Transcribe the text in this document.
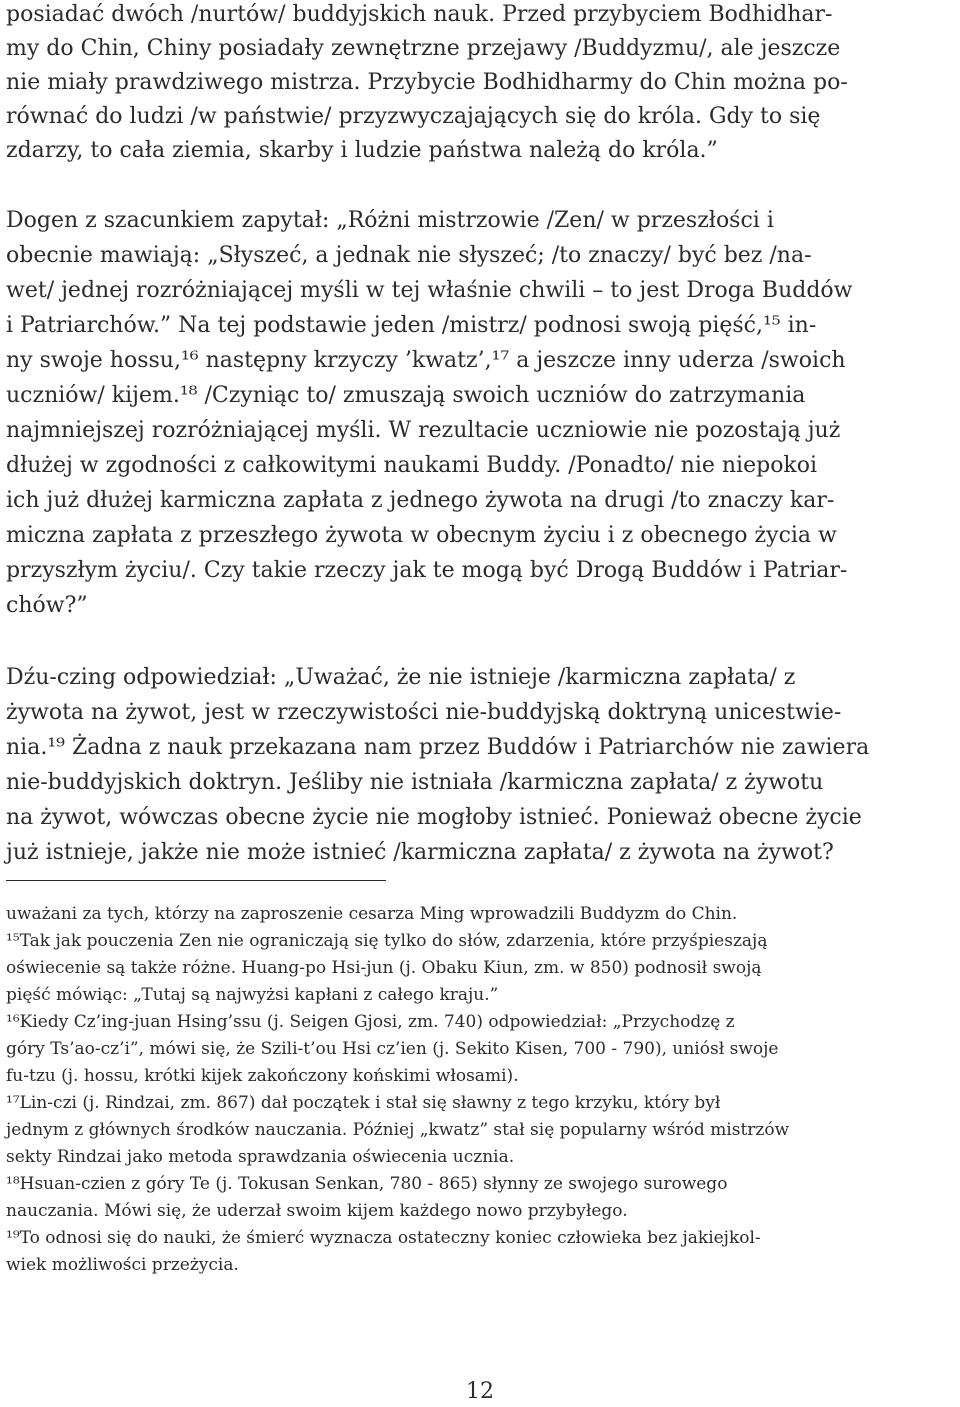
posiadać dwóch /nurtów/ buddyjskich nauk. Przed przybyciem Bodhidhar-

my do Chin, Chiny posiadały zewnętrzne przejawy /Buddyzmu/, ale jeszcze

nie miały prawdziwego mistrza. Przybycie Bodhidharmy do Chin można po-

równać do ludzi /w państwie/ przyzwyczajających się do króla. Gdy to się

zdarzy, to cała ziemia, skarby i ludzie państwa należą do króla.”

Dogen z szacunkiem zapytał: „Różni mistrzowie /Zen/ w przeszłości i

obecnie mawiają: „Słyszeć, a jednak nie słyszeć; /to znaczy/ być bez /na-

wet/ jednej rozróżniającej myśli w tej właśnie chwili – to jest Droga Buddów

i Patriarchów.” Na tej podstawie jeden /mistrz/ podnosi swoją pięść,¹⁵ in-

ny swoje hossu,¹⁶ następny krzyczy ’kwatz’,¹⁷ a jeszcze inny uderza /swoich

uczniów/ kijem.¹⁸ /Czyniąc to/ zmuszają swoich uczniów do zatrzymania

najmniejszej rozróżniającej myśli. W rezultacie uczniowie nie pozostają już

dłużej w zgodności z całkowitymi naukami Buddy. /Ponadto/ nie niepokoi

ich już dłużej karmiczna zapłata z jednego żywota na drugi /to znaczy kar-

miczna zapłata z przeszłego żywota w obecnym życiu i z obecnego życia w

przyszłym życiu/. Czy takie rzeczy jak te mogą być Drogą Buddów i Patriar-

chów?”

Dźu-czing odpowiedział: „Uważać, że nie istnieje /karmiczna zapłata/ z

żywota na żywot, jest w rzeczywistości nie-buddyjską doktryną unicestwie-

nia.¹⁹ Żadna z nauk przekazana nam przez Buddów i Patriarchów nie zawiera

nie-buddyjskich doktryn. Jeśliby nie istniała /karmiczna zapłata/ z żywotu

na żywot, wówczas obecne życie nie mogłoby istnieć. Ponieważ obecne życie

już istnieje, jakże nie może istnieć /karmiczna zapłata/ z żywota na żywot?

uważani za tych, którzy na zaproszenie cesarza Ming wprowadzili Buddyzm do Chin.

¹⁵Tak jak pouczenia Zen nie ograniczają się tylko do słów, zdarzenia, które przyśpieszają

oświecenie są także różne. Huang-po Hsi-jun (j. Obaku Kiun, zm. w 850) podnosił swoją

pięść mówiąc: „Tutaj są najwyżsi kapłani z całego kraju.”

¹⁶Kiedy Cz’ing-juan Hsing’ssu (j. Seigen Gjosi, zm. 740) odpowiedział: „Przychodzę z

góry Ts’ao-cz’i”, mówi się, że Szili-t’ou Hsi cz’ien (j. Sekito Kisen, 700 - 790), uniósł swoje

fu-tzu (j. hossu, krótki kijek zakończony końskimi włosami).

¹⁷Lin-czi (j. Rindzai, zm. 867) dał początek i stał się sławny z tego krzyku, który był

jednym z głównych środków nauczania. Później „kwatz” stał się popularny wśród mistrzów

sekty Rindzai jako metoda sprawdzania oświecenia ucznia.

¹⁸Hsuan-czien z góry Te (j. Tokusan Senkan, 780 - 865) słynny ze swojego surowego

nauczania. Mówi się, że uderzał swoim kijem każdego nowo przybyłego.

¹⁹To odnosi się do nauki, że śmierć wyznacza ostateczny koniec człowieka bez jakiejkol-

wiek możliwości przeżycia.

12
